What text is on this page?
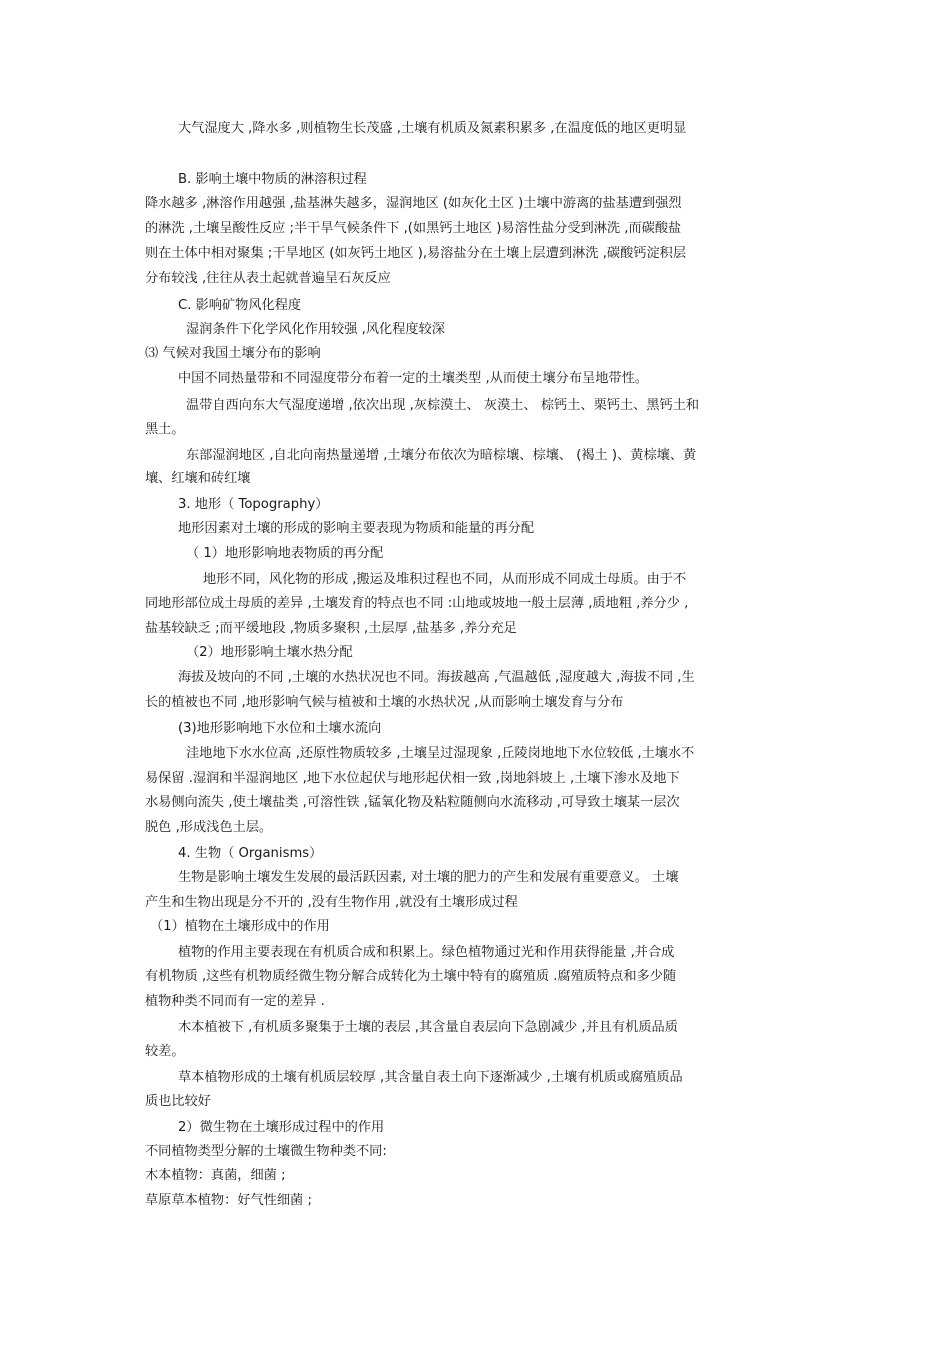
大气湿度大 ,降水多 ,则植物生长茂盛 ,土壤有机质及氮素积累多 ,在温度低的地区更明显
B. 影响土壤中物质的淋溶积过程
降水越多 ,淋溶作用越强 ,盐基淋失越多，湿润地区 (如灰化土区 )土壤中游离的盐基遭到强烈
的淋洗 ,土壤呈酸性反应 ;半干旱气候条件下 ,(如黑钙土地区 )易溶性盐分受到淋洗 ,而碳酸盐
则在土体中相对聚集 ;干旱地区 (如灰钙土地区 ),易溶盐分在土壤上层遭到淋洗 ,碳酸钙淀积层
分布较浅 ,往往从表土起就普遍呈石灰反应
C. 影响矿物风化程度
湿润条件下化学风化作用较强 ,风化程度较深
⑶ 气候对我国土壤分布的影响
中国不同热量带和不同湿度带分布着一定的土壤类型 ,从而使土壤分布呈地带性。
温带自西向东大气湿度递增 ,依次出现 ,灰棕漠土、 灰漠土、 棕钙土、栗钙土、黑钙土和
黑土。
东部湿润地区 ,自北向南热量递增 ,土壤分布依次为暗棕壤、棕壤、 (褐土 )、黄棕壤、黄
壤、红壤和砖红壤
3. 地形（ Topography）
地形因素对土壤的形成的影响主要表现为物质和能量的再分配
（ 1）地形影响地表物质的再分配
地形不同，风化物的形成 ,搬运及堆积过程也不同，从而形成不同成土母质。由于不
同地形部位成土母质的差异 ,土壤发育的特点也不同 :山地或坡地一般土层薄 ,质地粗 ,养分少 ,
盐基较缺乏 ;而平缓地段 ,物质多聚积 ,土层厚 ,盐基多 ,养分充足
（2）地形影响土壤水热分配
海拔及坡向的不同 ,土壤的水热状况也不同。海拔越高 ,气温越低 ,湿度越大 ,海拔不同 ,生
长的植被也不同 ,地形影响气候与植被和土壤的水热状况 ,从而影响土壤发育与分布
(3)地形影响地下水位和土壤水流向
洼地地下水水位高 ,还原性物质较多 ,土壤呈过湿现象 ,丘陵岗地地下水位较低 ,土壤水不
易保留 .湿润和半湿润地区 ,地下水位起伏与地形起伏相一致 ,岗地斜坡上 ,土壤下渗水及地下
水易侧向流失 ,使土壤盐类 ,可溶性铁 ,锰氧化物及粘粒随侧向水流移动 ,可导致土壤某一层次
脱色 ,形成浅色土层。
4. 生物（ Organisms）
生物是影响土壤发生发展的最活跃因素, 对土壤的肥力的产生和发展有重要意义。 土壤
产生和生物出现是分不开的 ,没有生物作用 ,就没有土壤形成过程
（1）植物在土壤形成中的作用
植物的作用主要表现在有机质合成和积累上。绿色植物通过光和作用获得能量 ,并合成
有机物质 ,这些有机物质经微生物分解合成转化为土壤中特有的腐殖质 .腐殖质特点和多少随
植物种类不同而有一定的差异 .
木本植被下 ,有机质多聚集于土壤的表层 ,其含量自表层向下急剧减少 ,并且有机质品质
较差。
草本植物形成的土壤有机质层较厚 ,其含量自表土向下逐渐减少 ,土壤有机质或腐殖质品
质也比较好
2）微生物在土壤形成过程中的作用
不同植物类型分解的土壤微生物种类不同:
木本植物：真菌，细菌 ;
草原草本植物：好气性细菌 ;
